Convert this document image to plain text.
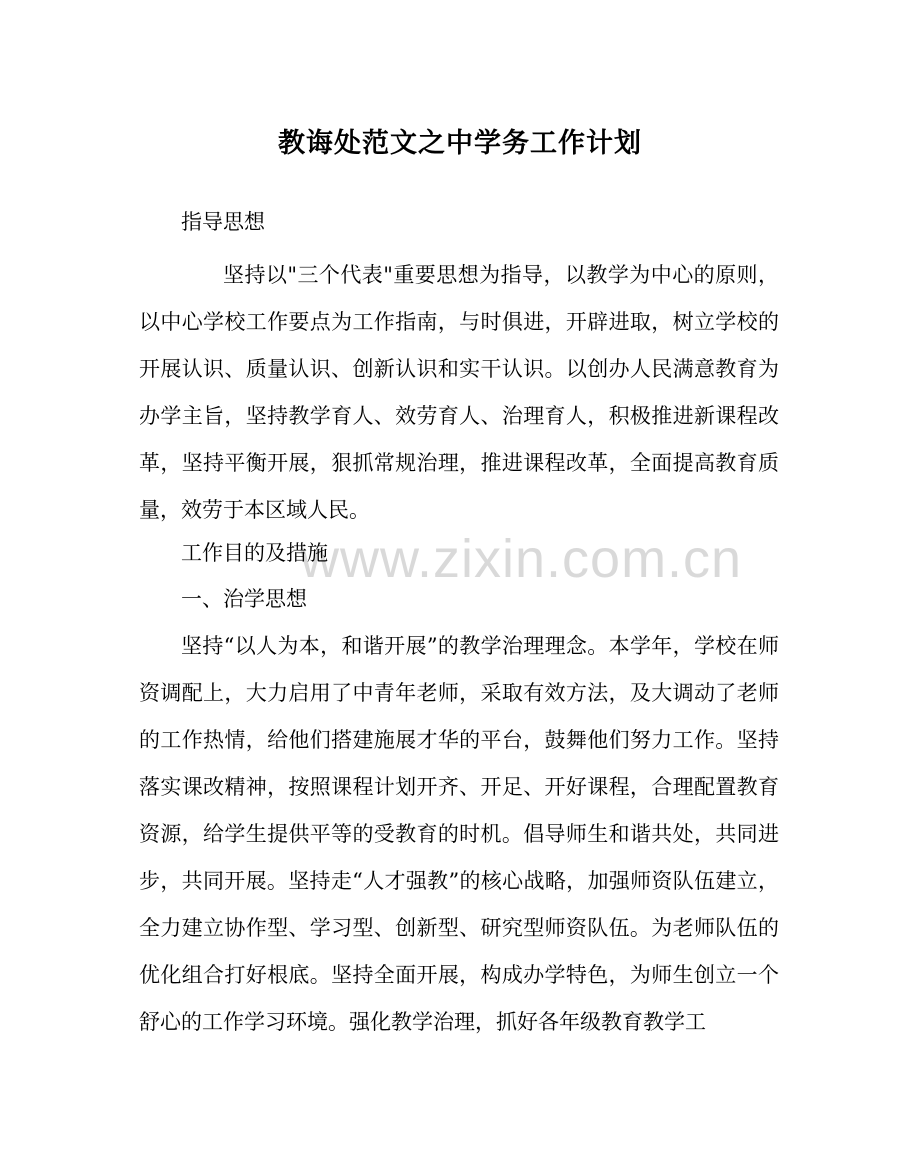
教诲处范文之中学务工作计划
指导思想
坚持以"三个代表"重要思想为指导，以教学为中心的原则，以中心学校工作要点为工作指南，与时俱进，开辟进取，树立学校的开展认识、质量认识、创新认识和实干认识。以创办人民满意教育为办学主旨，坚持教学育人、效劳育人、治理育人，积极推进新课程改革，坚持平衡开展，狠抓常规治理，推进课程改革，全面提高教育质量，效劳于本区域人民。
www.zixin.com.cn
工作目的及措施
一、治学思想
坚持“以人为本，和谐开展”的教学治理理念。本学年，学校在师资调配上，大力启用了中青年老师，采取有效方法，及大调动了老师的工作热情，给他们搭建施展才华的平台，鼓舞他们努力工作。坚持落实课改精神，按照课程计划开齐、开足、开好课程，合理配置教育资源，给学生提供平等的受教育的时机。倡导师生和谐共处，共同进步，共同开展。坚持走“人才强教”的核心战略，加强师资队伍建立，全力建立协作型、学习型、创新型、研究型师资队伍。为老师队伍的优化组合打好根底。坚持全面开展，构成办学特色，为师生创立一个舒心的工作学习环境。强化教学治理，抓好各年级教育教学工
